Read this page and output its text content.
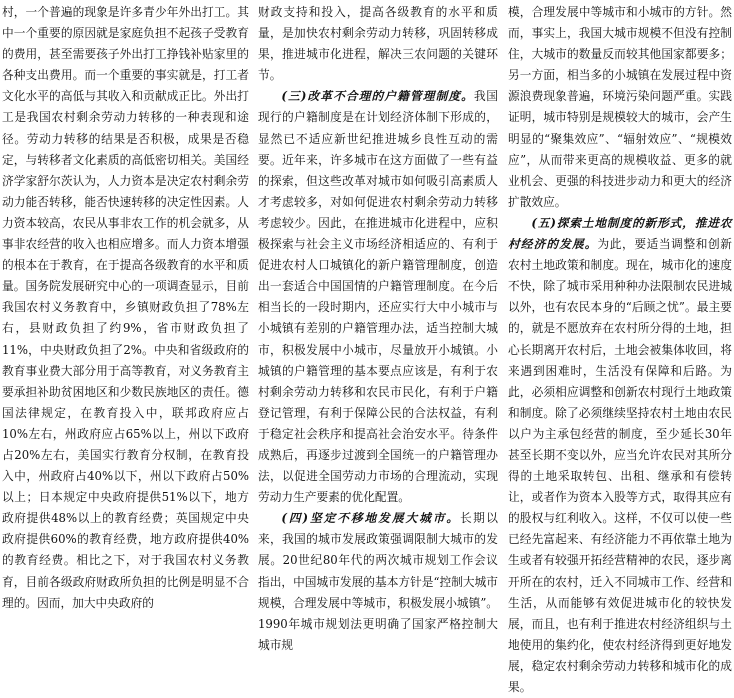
村，一个普遍的现象是许多青少年外出打工。其中一个重要的原因就是家庭负担不起孩子受教育的费用，甚至需要孩子外出打工挣钱补贴家里的各种支出费用。而一个重要的事实就是，打工者文化水平的高低与其收入和贡献成正比。外出打工是我国农村剩余劳动力转移的一种表现和途径。劳动力转移的结果是否积极，成果是否稳定，与转移者文化素质的高低密切相关。美国经济学家舒尔茨认为，人力资本是决定农村剩余劳动力能否转移，能否快速转移的决定性因素。人力资本较高，农民从事非农工作的机会就多，从事非农经营的收入也相应增多。而人力资本增强的根本在于教育，在于提高各级教育的水平和质量。国务院发展研究中心的一项调查显示，目前我国农村义务教育中，乡镇财政负担了78%左右，县财政负担了约9%，省市财政负担了11%，中央财政负担了2%。中央和省级政府的教育事业费大部分用于高等教育，对义务教育主要承担补助贫困地区和少数民族地区的责任。德国法律规定，在教育投入中，联邦政府应占10%左右，州政府应占65%以上，州以下政府占20%左右，美国实行教育分权制，在教育投入中，州政府占40%以下，州以下政府占50%以上；日本规定中央政府提供51%以下，地方政府提供48%以上的教育经费；英国规定中央政府提供60%的教育经费，地方政府提供40%的教育经费。相比之下，对于我国农村义务教育，目前各级政府财政所负担的比例是明显不合理的。因而，加大中央政府的

财政支持和投入，提高各级教育的水平和质量，是加快农村剩余劳动力转移，巩固转移成果，推进城市化进程，解决三农问题的关键环节。

(三)改革不合理的户籍管理制度。我国现行的户籍制度是在计划经济体制下形成的，显然已不适应新世纪推进城乡良性互动的需要。近年来，许多城市在这方面做了一些有益的探索，但这些改革对城市如何吸引高素质人才考虑较多，对如何促进农村剩余劳动力转移考虑较少。因此，在推进城市化进程中，应积极探索与社会主义市场经济相适应的、有利于促进农村人口城镇化的新户籍管理制度，创造出一套适合中国国情的户籍管理制度。在今后相当长的一段时期内，还应实行大中小城市与小城镇有差别的户籍管理办法，适当控制大城市，积极发展中小城市，尽量放开小城镇。小城镇的户籍管理的基本要点应该是，有利于农村剩余劳动力转移和农民市民化，有利于户籍登记管理，有利于保障公民的合法权益，有利于稳定社会秩序和提高社会治安水平。待条件成熟后，再逐步过渡到全国统一的户籍管理办法，以促进全国劳动力市场的合理流动，实现劳动力生产要素的优化配置。

(四)坚定不移地发展大城市。长期以来，我国的城市发展政策强调限制大城市的发展。20世纪80年代的两次城市规划工作会议指出，中国城市发展的基本方针是“控制大城市规模，合理发展中等城市，积极发展小城镇”。1990年城市规划法更明确了国家严格控制大城市规

模，合理发展中等城市和小城市的方针。然而，事实上，我国大城市规模不但没有控制住，大城市的数量反而较其他国家都要多；另一方面，相当多的小城镇在发展过程中资源浪费现象普遍，环境污染问题严重。实践证明，城市特别是规模较大的城市，会产生明显的“聚集效应”、“辐射效应”、“规模效应”，从而带来更高的规模收益、更多的就业机会、更强的科技进步动力和更大的经济扩散效应。

(五)探索土地制度的新形式，推进农村经济的发展。为此，要适当调整和创新农村土地政策和制度。现在，城市化的速度不快，除了城市采用种种办法限制农民进城以外，也有农民本身的“后顾之忧”。最主要的，就是不愿放弃在农村所分得的土地，担心长期离开农村后，土地会被集体收回，将来遇到困难时，生活没有保障和后路。为此，必须相应调整和创新农村现行土地政策和制度。除了必须继续坚持农村土地由农民以户为主承包经营的制度，至少延长30年甚至长期不变以外，应当允许农民对其所分得的土地采取转包、出租、继承和有偿转让，或者作为资本入股等方式，取得其应有的股权与红利收入。这样，不仅可以使一些已经先富起来、有经济能力不再依靠土地为生或者有较强开拓经营精神的农民，逐步离开所在的农村，迁入不同城市工作、经营和生活，从而能够有效促进城市化的较快发展，而且，也有利于推进农村经济组织与土地使用的集约化，使农村经济得到更好地发展，稳定农村剩余劳动力转移和城市化的成果。
